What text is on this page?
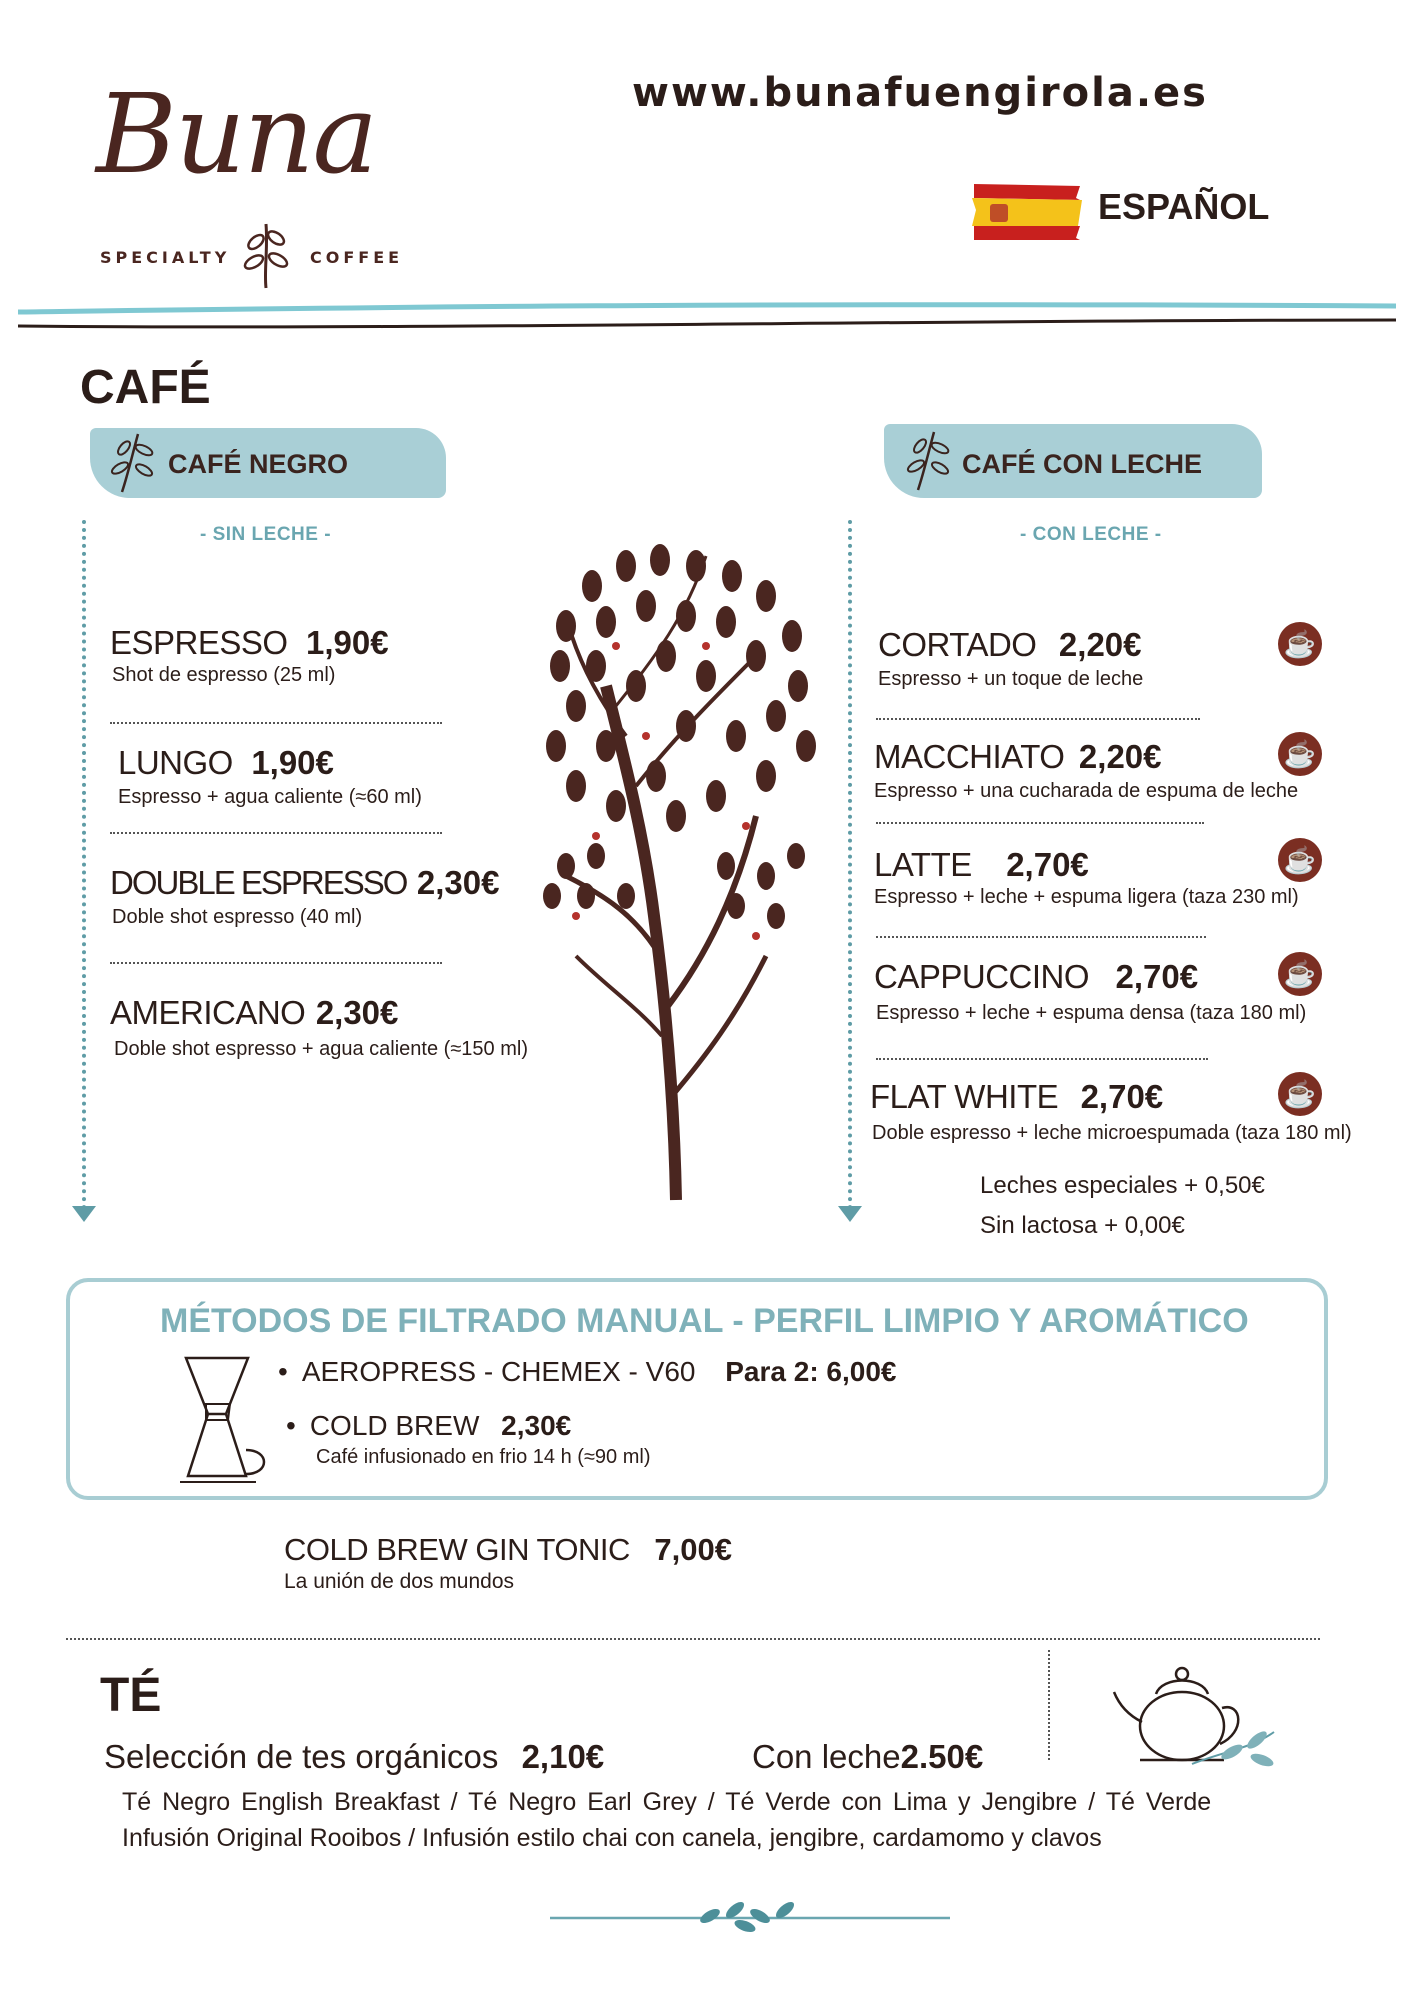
Buna
SPECIALTY	COFFEE
www.bunafuengirola.es
ESPAÑOL
CAFÉ
CAFÉ NEGRO
- SIN LECHE -
ESPRESSO 1,90€
Shot de espresso (25 ml)
LUNGO 1,90€
Espresso + agua caliente (≈60 ml)
DOUBLE ESPRESSO 2,30€
Doble shot espresso (40 ml)
AMERICANO 2,30€
Doble shot espresso + agua caliente (≈150 ml)
CAFÉ CON LECHE
- CON LECHE -
CORTADO 2,20€
Espresso + un toque de leche
☕
MACCHIATO 2,20€
Espresso + una cucharada de espuma de leche
☕
LATTE 2,70€
Espresso + leche + espuma ligera (taza 230 ml)
☕
CAPPUCCINO 2,70€
Espresso + leche + espuma densa (taza 180 ml)
☕
FLAT WHITE 2,70€
Doble espresso + leche microespumada (taza 180 ml)
☕
Leches especiales + 0,50€
Sin lactosa + 0,00€
MÉTODOS DE FILTRADO MANUAL - PERFIL LIMPIO Y AROMÁTICO
• AEROPRESS - CHEMEX - V60 Para 2: 6,00€
• COLD BREW 2,30€
Café infusionado en frio 14 h (≈90 ml)
COLD BREW GIN TONIC 7,00€
La unión de dos mundos
TÉ
Selección de tes orgánicos 2,10€	Con leche2.50€
Té Negro English Breakfast / Té Negro Earl Grey / Té Verde con Lima y Jengibre / Té Verde
Infusión Original Rooibos / Infusión estilo chai con canela, jengibre, cardamomo y clavos
